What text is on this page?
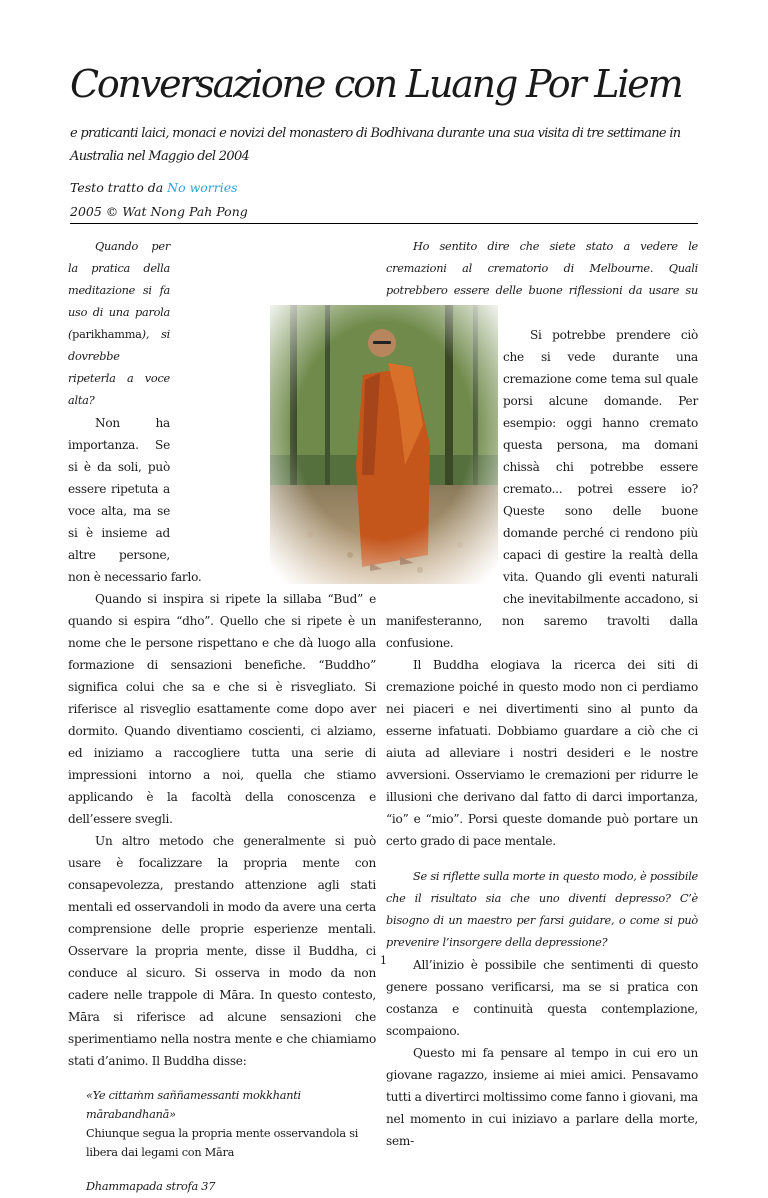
Conversazione con Luang Por Liem

e praticanti laici, monaci e novizi del monastero di Bodhivana durante una sua visita di tre settimane in Australia nel Maggio del 2004

Testo tratto da No worries

2005 © Wat Nong Pah Pong

Quando per la pratica della meditazione si fa uso di una parola (parikhamma), si dovrebbe ripeterla a voce alta?

Non ha importanza. Se si è da soli, può essere ripetuta a voce alta, ma se si è insieme ad altre persone, non è necessario farlo.

Quando si inspira si ripete la sillaba “Bud” e quando si espira “dho”. Quello che si ripete è un nome che le persone rispettano e che dà luogo alla formazione di sensazioni benefiche. “Buddho” significa colui che sa e che si è risvegliato. Si riferisce al risveglio esattamente come dopo aver dormito. Quando diventiamo coscienti, ci alziamo, ed iniziamo a raccogliere tutta una serie di impressioni intorno a noi, quella che stiamo applicando è la facoltà della conoscenza e dell’essere svegli.

Un altro metodo che generalmente si può usare è focalizzare la propria mente con consapevolezza, prestando attenzione agli stati mentali ed osservandoli in modo da avere una certa comprensione delle proprie esperienze mentali. Osservare la propria mente, disse il Buddha, ci conduce al sicuro. Si osserva in modo da non cadere nelle trappole di Māra. In questo contesto, Māra si riferisce ad alcune sensazioni che sperimentiamo nella nostra mente e che chiamiamo stati d’animo. Il Buddha disse:

«Ye cittaṁm saññamessanti mokkhanti mārabandhanā»
Chiunque segua la propria mente osservandola si libera dai legami con Māra

Dhammapada strofa 37

Ho sentito dire che siete stato a vedere le cremazioni al crematorio di Melbourne. Quali potrebbero essere delle buone riflessioni da usare su

Si potrebbe prendere ciò che si vede durante una cremazione come tema sul quale porsi alcune domande. Per esempio: oggi hanno cremato questa persona, ma domani chissà chi potrebbe essere cremato... potrei essere io? Queste sono delle buone domande perché ci rendono più capaci di gestire la realtà della vita. Quando gli eventi naturali che inevitabilmente accadono, si manifesteranno, non saremo travolti dalla confusione.

Il Buddha elogiava la ricerca dei siti di cremazione poiché in questo modo non ci perdiamo nei piaceri e nei divertimenti sino al punto da esserne infatuati. Dobbiamo guardare a ciò che ci aiuta ad alleviare i nostri desideri e le nostre avversioni. Osserviamo le cremazioni per ridurre le illusioni che derivano dal fatto di darci importanza, “io” e “mio”. Porsi queste domande può portare un certo grado di pace mentale.

Se si riflette sulla morte in questo modo, è possibile che il risultato sia che uno diventi depresso? C’è bisogno di un maestro per farsi guidare, o come si può prevenire l’insorgere della depressione?

All’inizio è possibile che sentimenti di questo genere possano verificarsi, ma se si pratica con costanza e continuità questa contemplazione, scompaiono.

Questo mi fa pensare al tempo in cui ero un giovane ragazzo, insieme ai miei amici. Pensavamo tutti a divertirci moltissimo come fanno i giovani, ma nel momento in cui iniziavo a parlare della morte, sem-

1
